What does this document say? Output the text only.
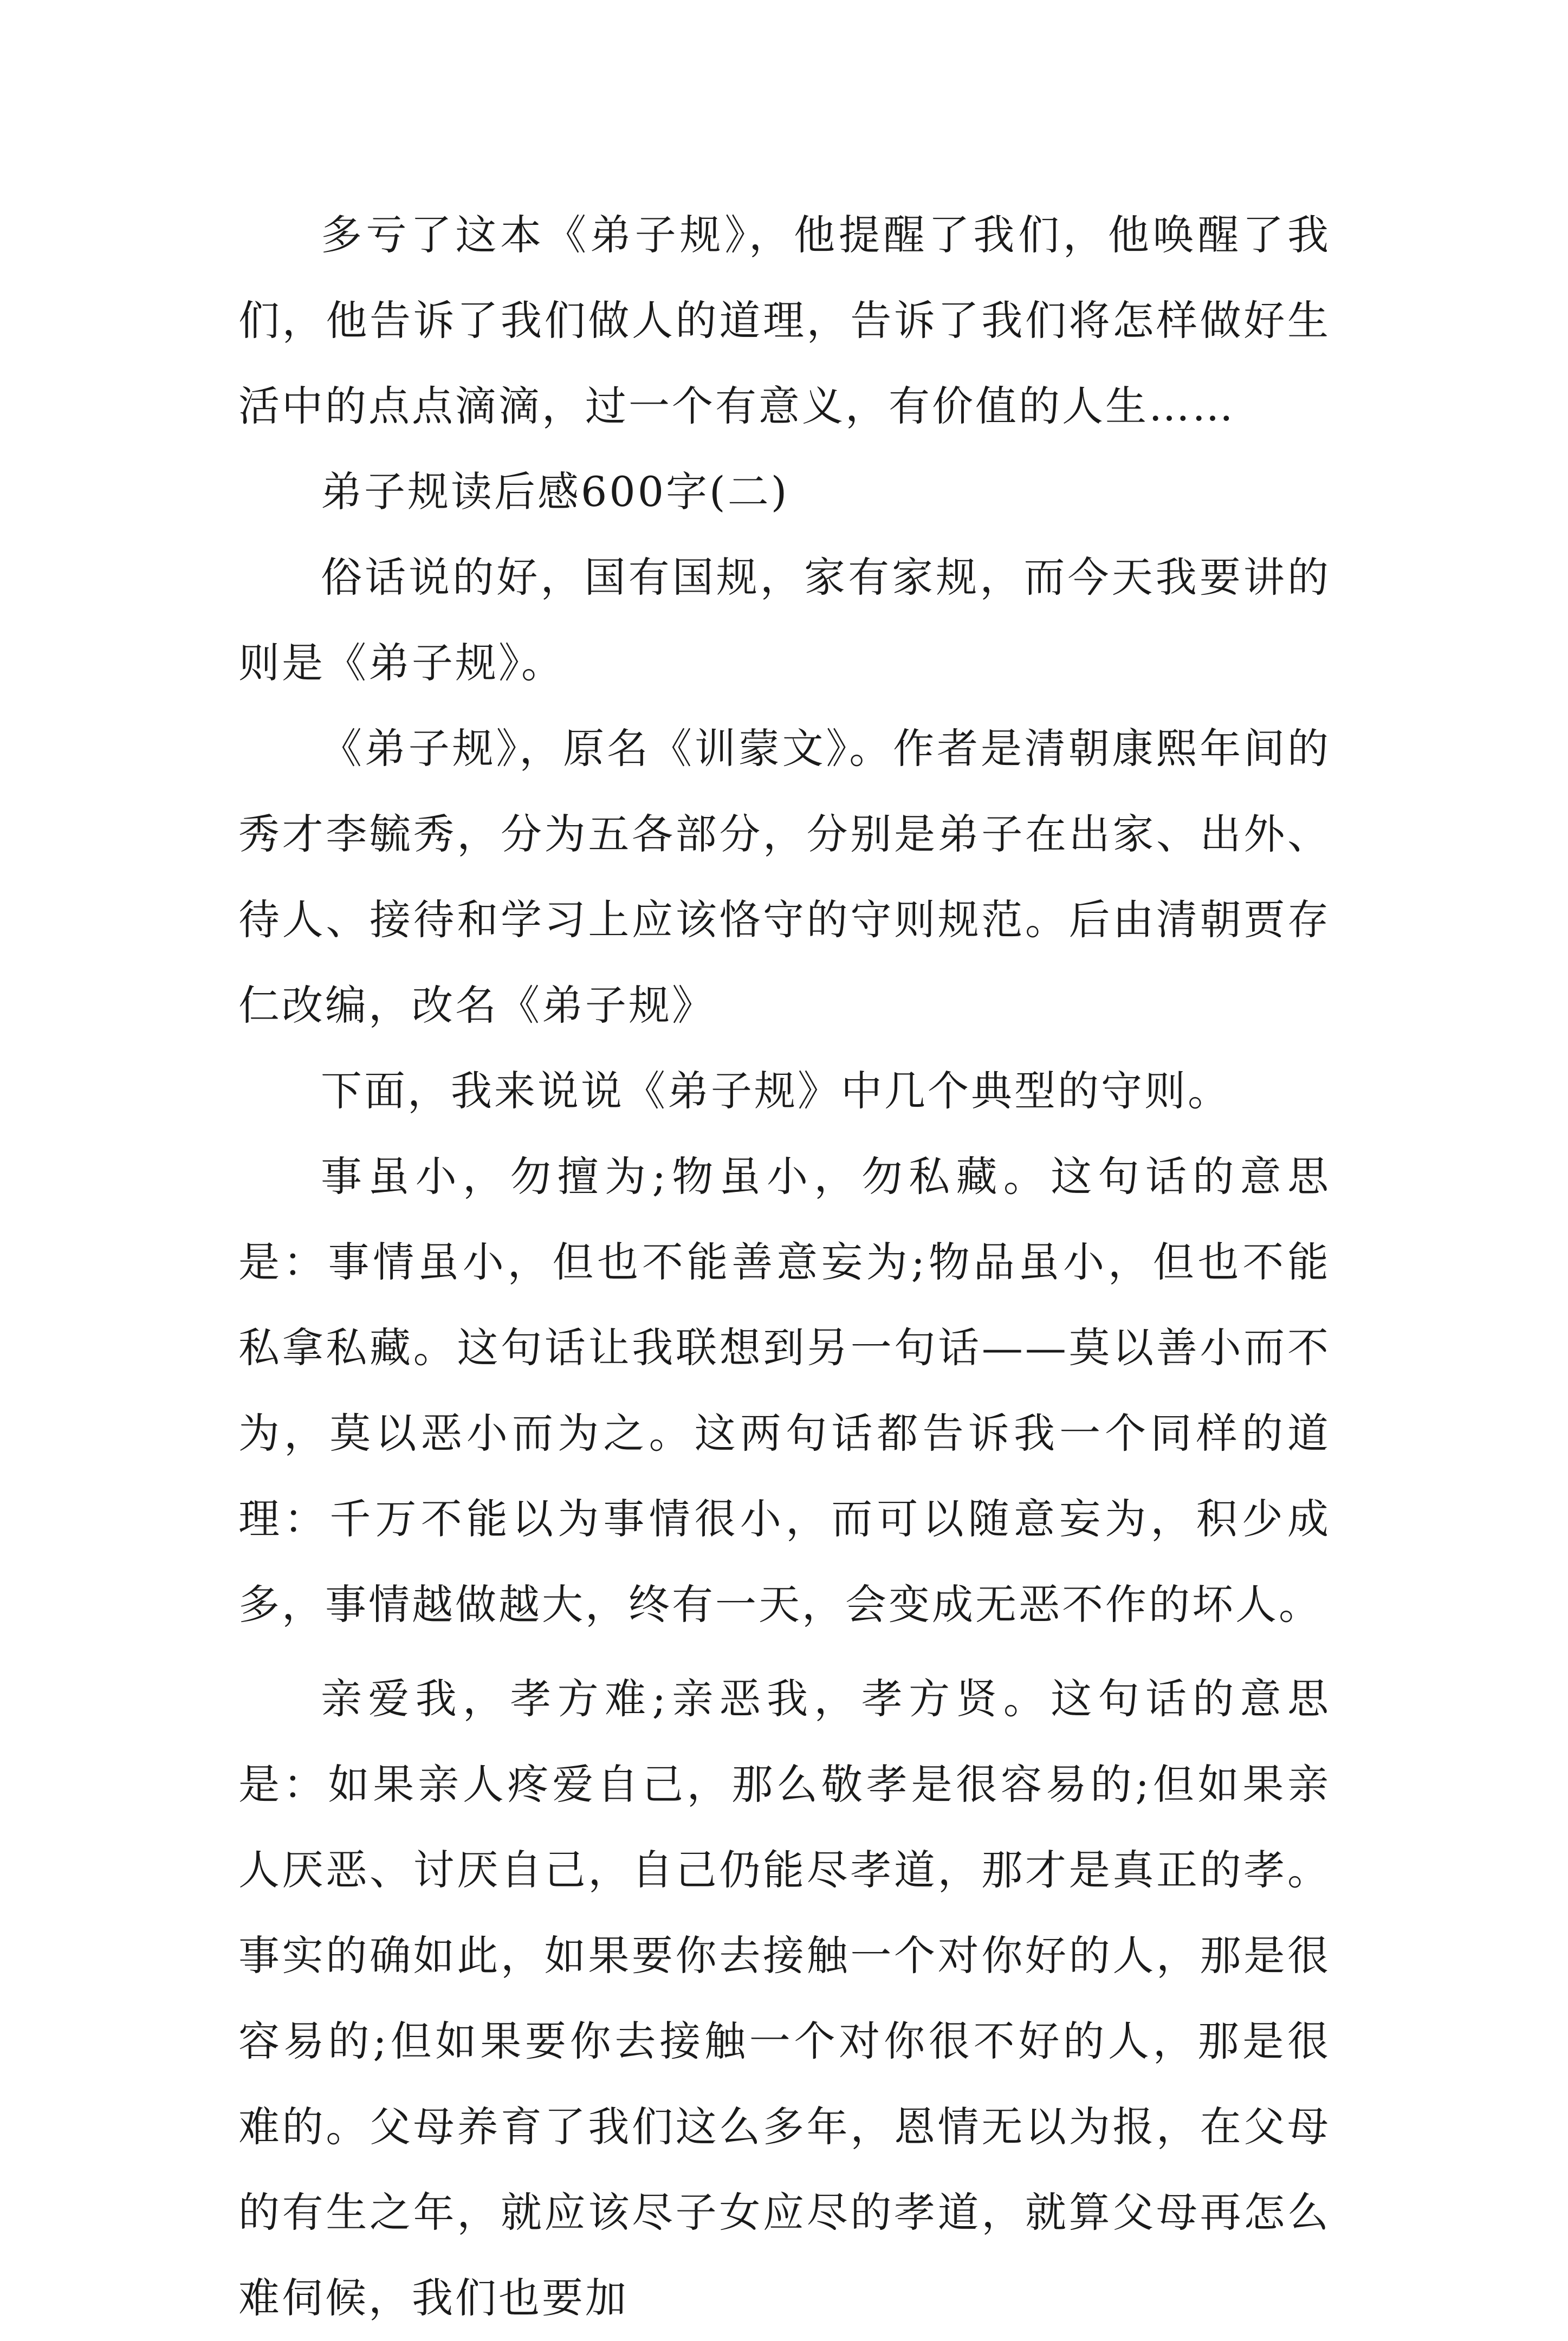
多亏了这本《弟子规》，他提醒了我们，他唤醒了我们，他告诉了我们做人的道理，告诉了我们将怎样做好生活中的点点滴滴，过一个有意义，有价值的人生……

弟子规读后感600字(二)

俗话说的好，国有国规，家有家规，而今天我要讲的则是《弟子规》。

《弟子规》，原名《训蒙文》。作者是清朝康熙年间的秀才李毓秀，分为五各部分，分别是弟子在出家、出外、待人、接待和学习上应该恪守的守则规范。后由清朝贾存仁改编，改名《弟子规》

下面，我来说说《弟子规》中几个典型的守则。

事虽小，勿擅为;物虽小，勿私藏。这句话的意思是：事情虽小，但也不能善意妄为;物品虽小，但也不能私拿私藏。这句话让我联想到另一句话——莫以善小而不为，莫以恶小而为之。这两句话都告诉我一个同样的道理：千万不能以为事情很小，而可以随意妄为，积少成多，事情越做越大，终有一天，会变成无恶不作的坏人。

亲爱我，孝方难;亲恶我，孝方贤。这句话的意思是：如果亲人疼爱自己，那么敬孝是很容易的;但如果亲人厌恶、讨厌自己，自己仍能尽孝道，那才是真正的孝。事实的确如此，如果要你去接触一个对你好的人，那是很容易的;但如果要你去接触一个对你很不好的人，那是很难的。父母养育了我们这么多年，恩情无以为报，在父母的有生之年，就应该尽子女应尽的孝道，就算父母再怎么难伺候，我们也要加
